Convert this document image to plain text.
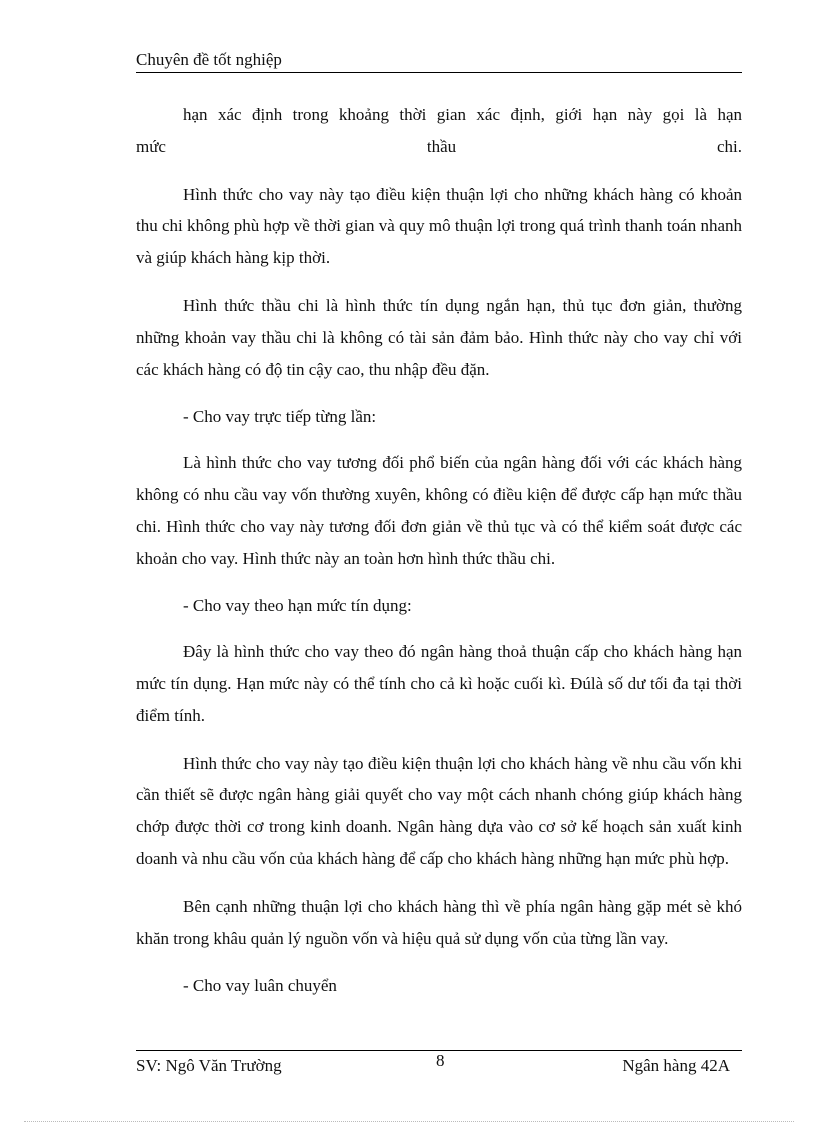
Chuyên đề tốt nghiệp

hạn xác định trong khoảng thời gian xác định, giới hạn này gọi là hạn
mức thầu chi.

Hình thức cho vay này tạo điều kiện thuận lợi cho những khách hàng có khoản thu chi không phù hợp về thời gian và quy mô thuận lợi trong quá trình thanh toán nhanh và giúp khách hàng kịp thời.

Hình thức thầu chi là hình thức tín dụng ngắn hạn, thủ tục đơn giản, thường những khoản vay thầu chi là không có tài sản đảm bảo. Hình thức này cho vay chỉ với các khách hàng có độ tin cậy cao, thu nhập đều đặn.

- Cho vay trực tiếp từng lần:

Là hình thức cho vay tương đối phổ biến của ngân hàng đối với các khách hàng không có nhu cầu vay vốn thường xuyên, không có điều kiện để được cấp hạn mức thầu chi. Hình thức cho vay này tương đối đơn giản về thủ tục và có thể kiểm soát được các khoản cho vay. Hình thức này an toàn hơn hình thức thầu chi.

- Cho vay theo hạn mức tín dụng:

Đây là hình thức cho vay theo đó ngân hàng thoả thuận cấp cho khách hàng hạn mức tín dụng. Hạn mức này có thể tính cho cả kì hoặc cuối kì. Đúlà số dư tối đa tại thời điểm tính.

Hình thức cho vay này tạo điều kiện thuận lợi cho khách hàng về nhu cầu vốn khi cần thiết sẽ được ngân hàng giải quyết cho vay một cách nhanh chóng giúp khách hàng chớp được thời cơ trong kinh doanh. Ngân hàng dựa vào cơ sở kế hoạch sản xuất kinh doanh và nhu cầu vốn của khách hàng để cấp cho khách hàng những hạn mức phù hợp.

Bên cạnh những thuận lợi cho khách hàng thì về phía ngân hàng gặp mét sè khó khăn trong khâu quản lý nguồn vốn và hiệu quả sử dụng vốn của từng lần vay.

- Cho vay luân chuyển

SV: Ngô Văn Trường	8	Ngân hàng 42A
